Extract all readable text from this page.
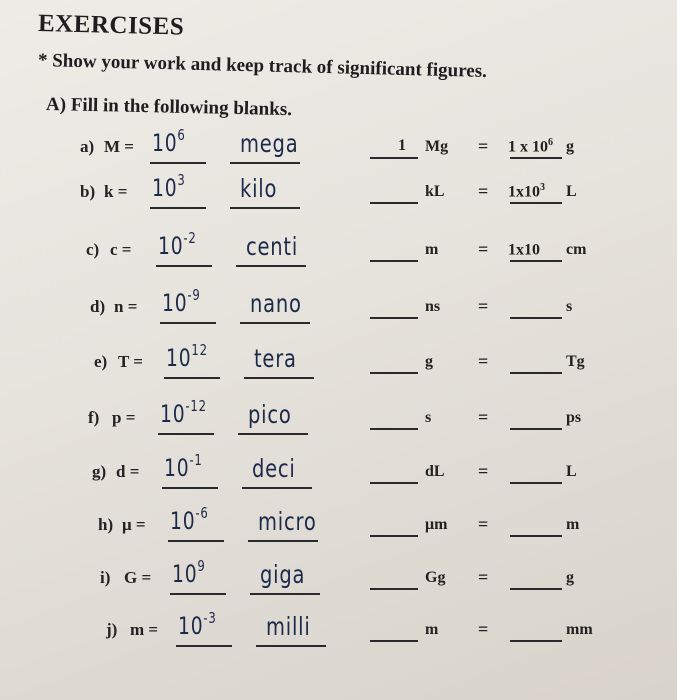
EXERCISES
* Show your work and keep track of significant figures.
A) Fill in the following blanks.
a) $M = 10^6$ mega	1 Mg = 1 x $10^6$ g
b) $k = 10^3$ kilo	kL = $1x10^3$ L
c) $c = 10^{-2}$ centi	m = 1x10 cm
d) $n = 10^{-9}$ nano	ns =	s
e) $T = 10^{12}$ tera	g	=	Tg
f) $p = 10^{-12}$ pico	s	=	ps
g) $d = 10^{-1}$ deci	dL =	L
h) $\mu = 10^{-6}$ micro	μm =	m
i) $G = 10^9$ giga	Gg =	g
j) $m = 10^{-3}$ milli	m =	mm
